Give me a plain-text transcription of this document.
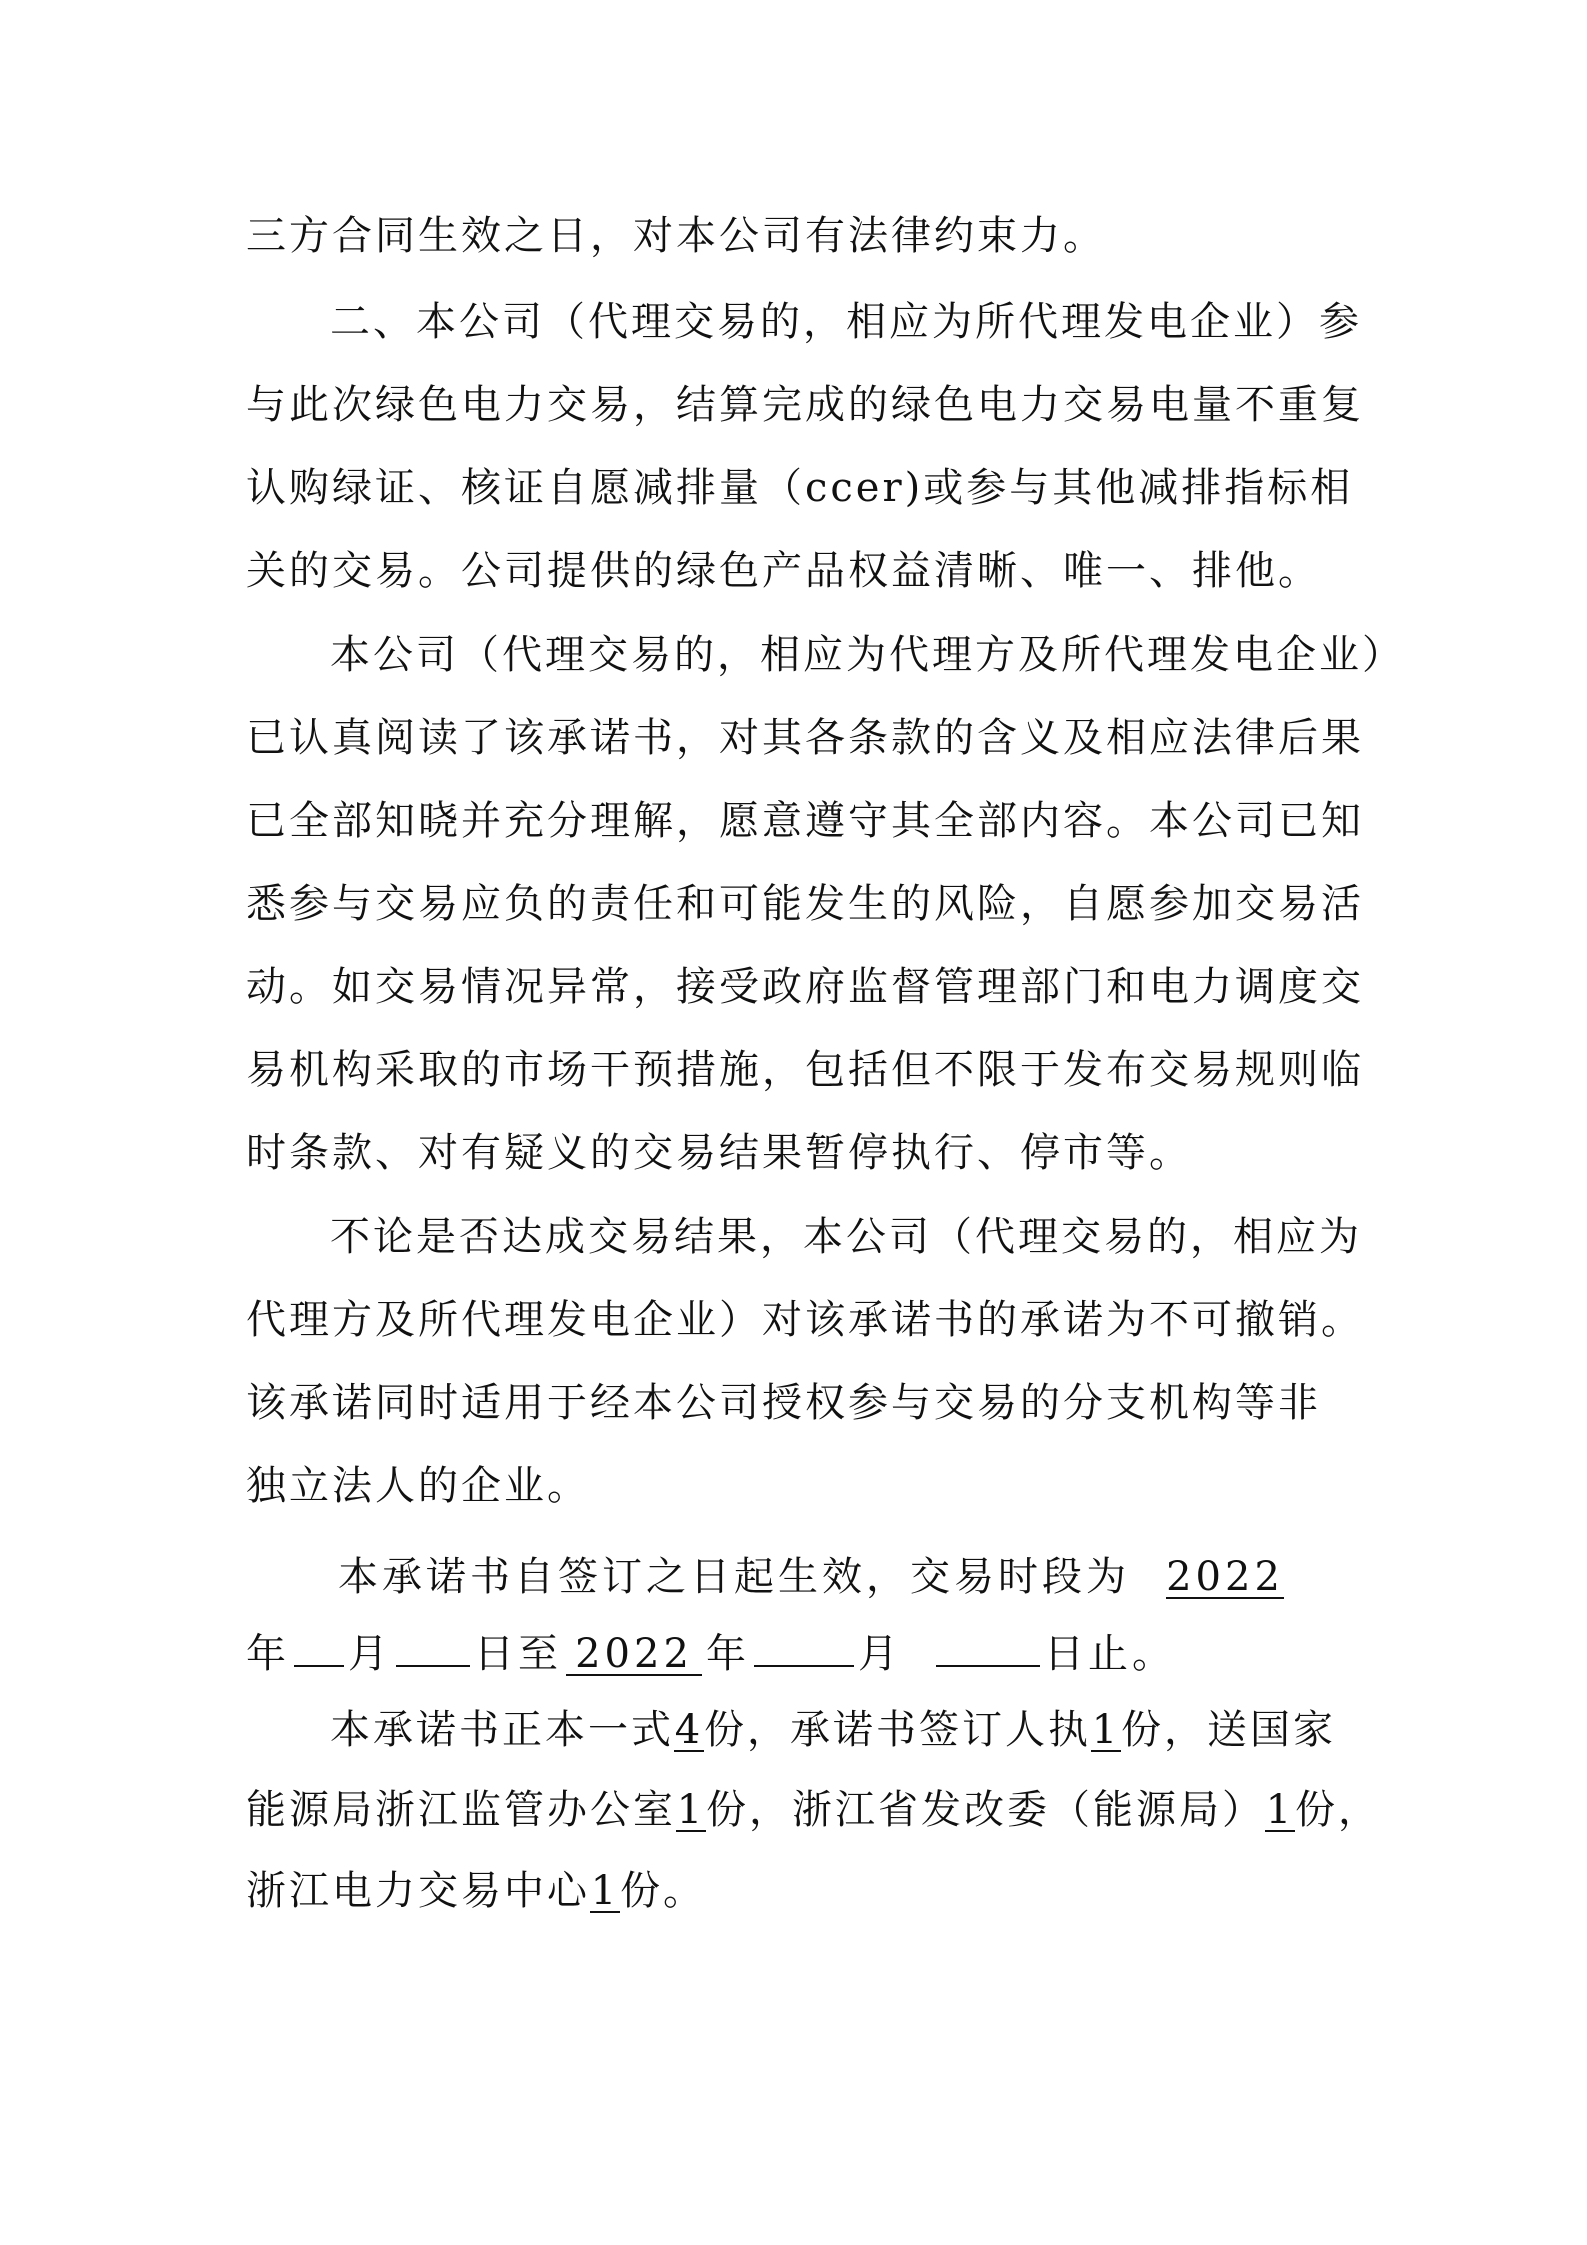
三方合同生效之日，对本公司有法律约束力。
二、本公司（代理交易的，相应为所代理发电企业）参
与此次绿色电力交易，结算完成的绿色电力交易电量不重复
认购绿证、核证自愿减排量（ccer)或参与其他减排指标相
关的交易。公司提供的绿色产品权益清晰、唯一、排他。
本公司（代理交易的，相应为代理方及所代理发电企业）
已认真阅读了该承诺书，对其各条款的含义及相应法律后果
已全部知晓并充分理解，愿意遵守其全部内容。本公司已知
悉参与交易应负的责任和可能发生的风险，自愿参加交易活
动。如交易情况异常，接受政府监督管理部门和电力调度交
易机构采取的市场干预措施，包括但不限于发布交易规则临
时条款、对有疑义的交易结果暂停执行、停市等。
不论是否达成交易结果，本公司（代理交易的，相应为
代理方及所代理发电企业）对该承诺书的承诺为不可撤销。
该承诺同时适用于经本公司授权参与交易的分支机构等非
独立法人的企业。
本承诺书自签订之日起生效，交易时段为 2022
年 月 日至 2022 年	月	日止。
本承诺书正本一式4份，承诺书签订人执1份，送国家
能源局浙江监管办公室1份，浙江省发改委（能源局）1份，
浙江电力交易中心1份。
